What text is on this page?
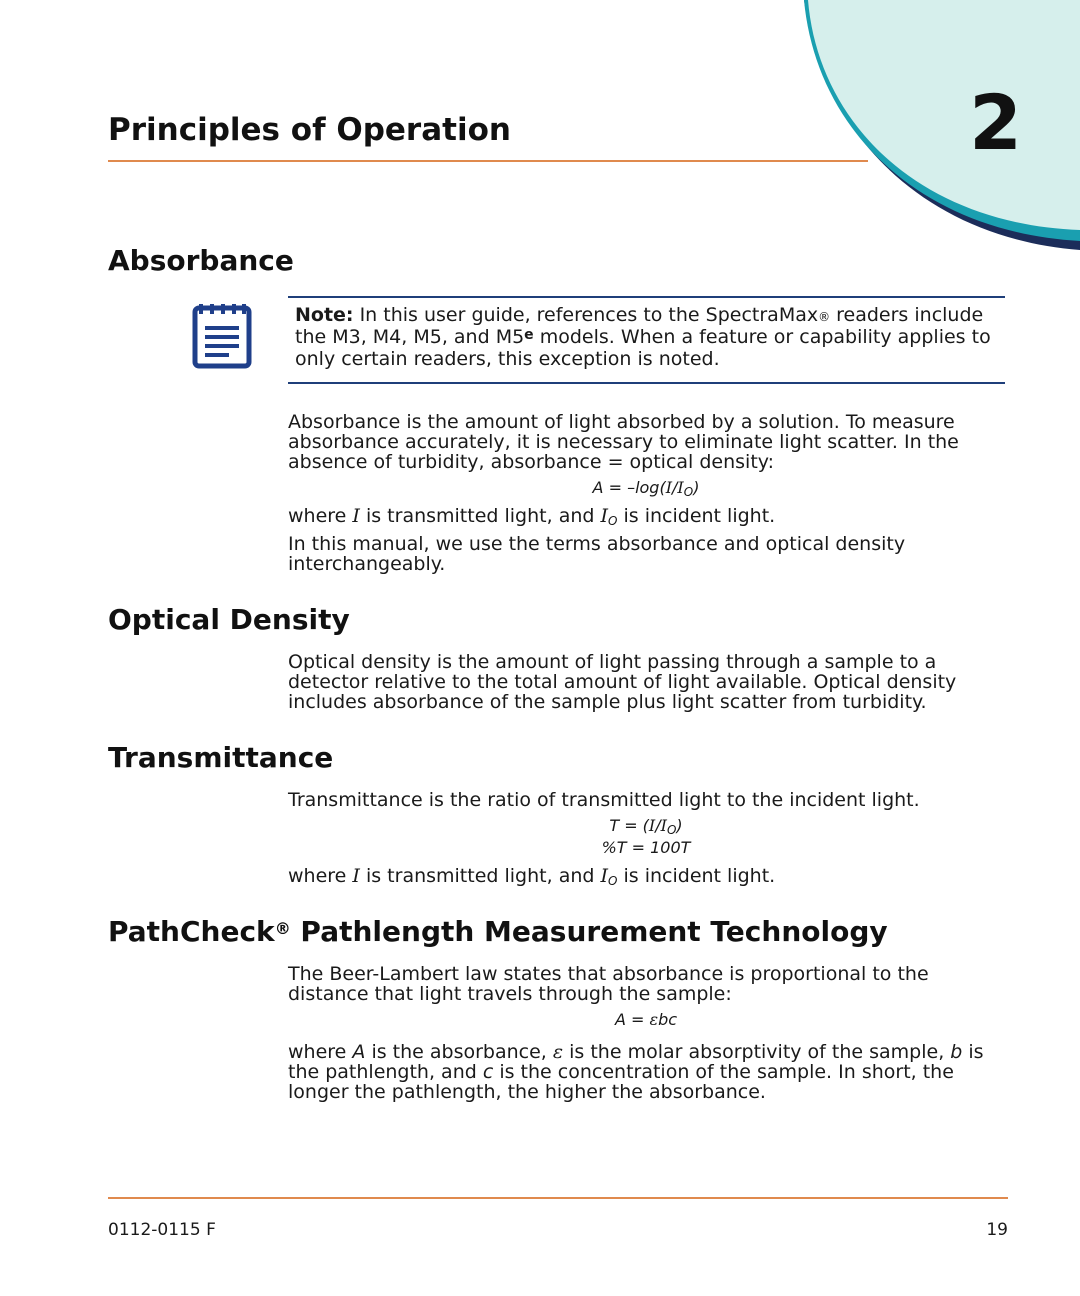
2
Principles of Operation
Absorbance
Note: In this user guide, references to the SpectraMax® readers include the M3, M4, M5, and M5e models. When a feature or capability applies to only certain readers, this exception is noted.

Absorbance is the amount of light absorbed by a solution. To measure absorbance accurately, it is necessary to eliminate light scatter. In the absence of turbidity, absorbance = optical density:

A = –log(I/IO)

where I is transmitted light, and IO is incident light.

In this manual, we use the terms absorbance and optical density interchangeably.

Optical Density

Optical density is the amount of light passing through a sample to a detector relative to the total amount of light available. Optical density includes absorbance of the sample plus light scatter from turbidity.

Transmittance

Transmittance is the ratio of transmitted light to the incident light.

T = (I/IO)

%T = 100T

where I is transmitted light, and IO is incident light.

PathCheck® Pathlength Measurement Technology

The Beer-Lambert law states that absorbance is proportional to the distance that light travels through the sample:

A = εbc

where A is the absorbance, ε is the molar absorptivity of the sample, b is the pathlength, and c is the concentration of the sample. In short, the longer the pathlength, the higher the absorbance.

0112-0115 F	19
